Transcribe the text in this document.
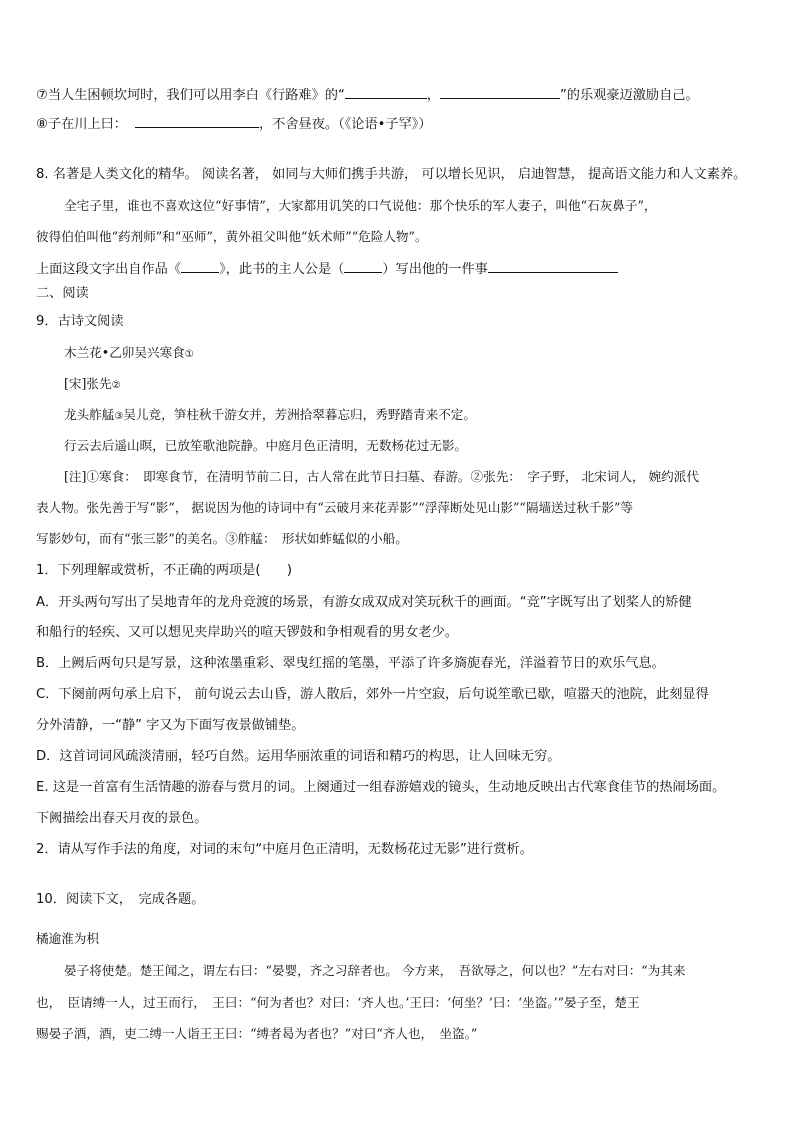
⑦当人生困顿坎坷时，我们可以用李白《行路难》的“	，	”的乐观豪迈激励自己。
⑧子在川上曰：	，不舍昼夜。（《论语•子罕》）
8. 名著是人类文化的精华。 阅读名著， 如同与大师们携手共游， 可以增长见识， 启迪智慧， 提高语文能力和人文素养。
全宅子里，谁也不喜欢这位“好事情”，大家都用讥笑的口气说他：那个快乐的军人妻子，叫他“石灰鼻子”，
彼得伯伯叫他“药剂师”和“巫师”，黄外祖父叫他“妖术师”“危险人物”。
上面这段文字出自作品《	》，此书的主人公是（	）写出他的一件事
二、阅读
9．古诗文阅读
木兰花•乙卯吴兴寒食①
[宋]张先②
龙头舴艋③吴儿竞，笋柱秋千游女并，芳洲拾翠暮忘归，秀野踏青来不定。
行云去后遥山暝，已放笙歌池院静。中庭月色正清明，无数杨花过无影。
[注]①寒食：　即寒食节，在清明节前二日，古人常在此节日扫墓、春游。②张先：　字子野， 北宋词人， 婉约派代
表人物。张先善于写“影”， 据说因为他的诗词中有“云破月来花弄影”“浮萍断处见山影”“隔墙送过秋千影”等
写影妙句，而有“张三影”的美名。③舴艋：　形状如蚱蜢似的小船。
1．下列理解或赏析，不正确的两项是(　　)
A．开头两句写出了吴地青年的龙舟竞渡的场景，有游女成双成对笑玩秋千的画面。“竞”字既写出了划桨人的矫健
和船行的轻疾、又可以想见夹岸助兴的喧天锣鼓和争相观看的男女老少。
B．上阙后两句只是写景，这种浓墨重彩、翠曳红摇的笔墨，平添了许多旖旎春光，洋溢着节日的欢乐气息。
C．下阕前两句承上启下， 前句说云去山昏，游人散后，郊外一片空寂，后句说笙歌已歇，喧嚣天的池院，此刻显得
分外清静，一“静” 字又为下面写夜景做铺垫。
D．这首词词风疏淡清丽，轻巧自然。运用华丽浓重的词语和精巧的构思，让人回味无穷。
E. 这是一首富有生活情趣的游春与赏月的词。上阕通过一组春游嬉戏的镜头，生动地反映出古代寒食佳节的热闹场面。
下阙描绘出春天月夜的景色。
2．请从写作手法的角度，对词的末句“中庭月色正清明，无数杨花过无影”进行赏析。
10．阅读下文，　完成各题。
橘逾淮为枳
晏子将使楚。楚王闻之，谓左右曰：“晏婴，齐之习辞者也。 今方来，　吾欲辱之，何以也？”左右对曰：“为其来
也，　臣请缚一人，过王而行，　王曰：“何为者也？对曰：‘齐人也。’王曰：‘何坐？’曰：‘坐盗。’”晏子至，楚王
赐晏子酒，酒，吏二缚一人诣王王曰：“缚者曷为者也？”对曰“齐人也，　坐盗。”
